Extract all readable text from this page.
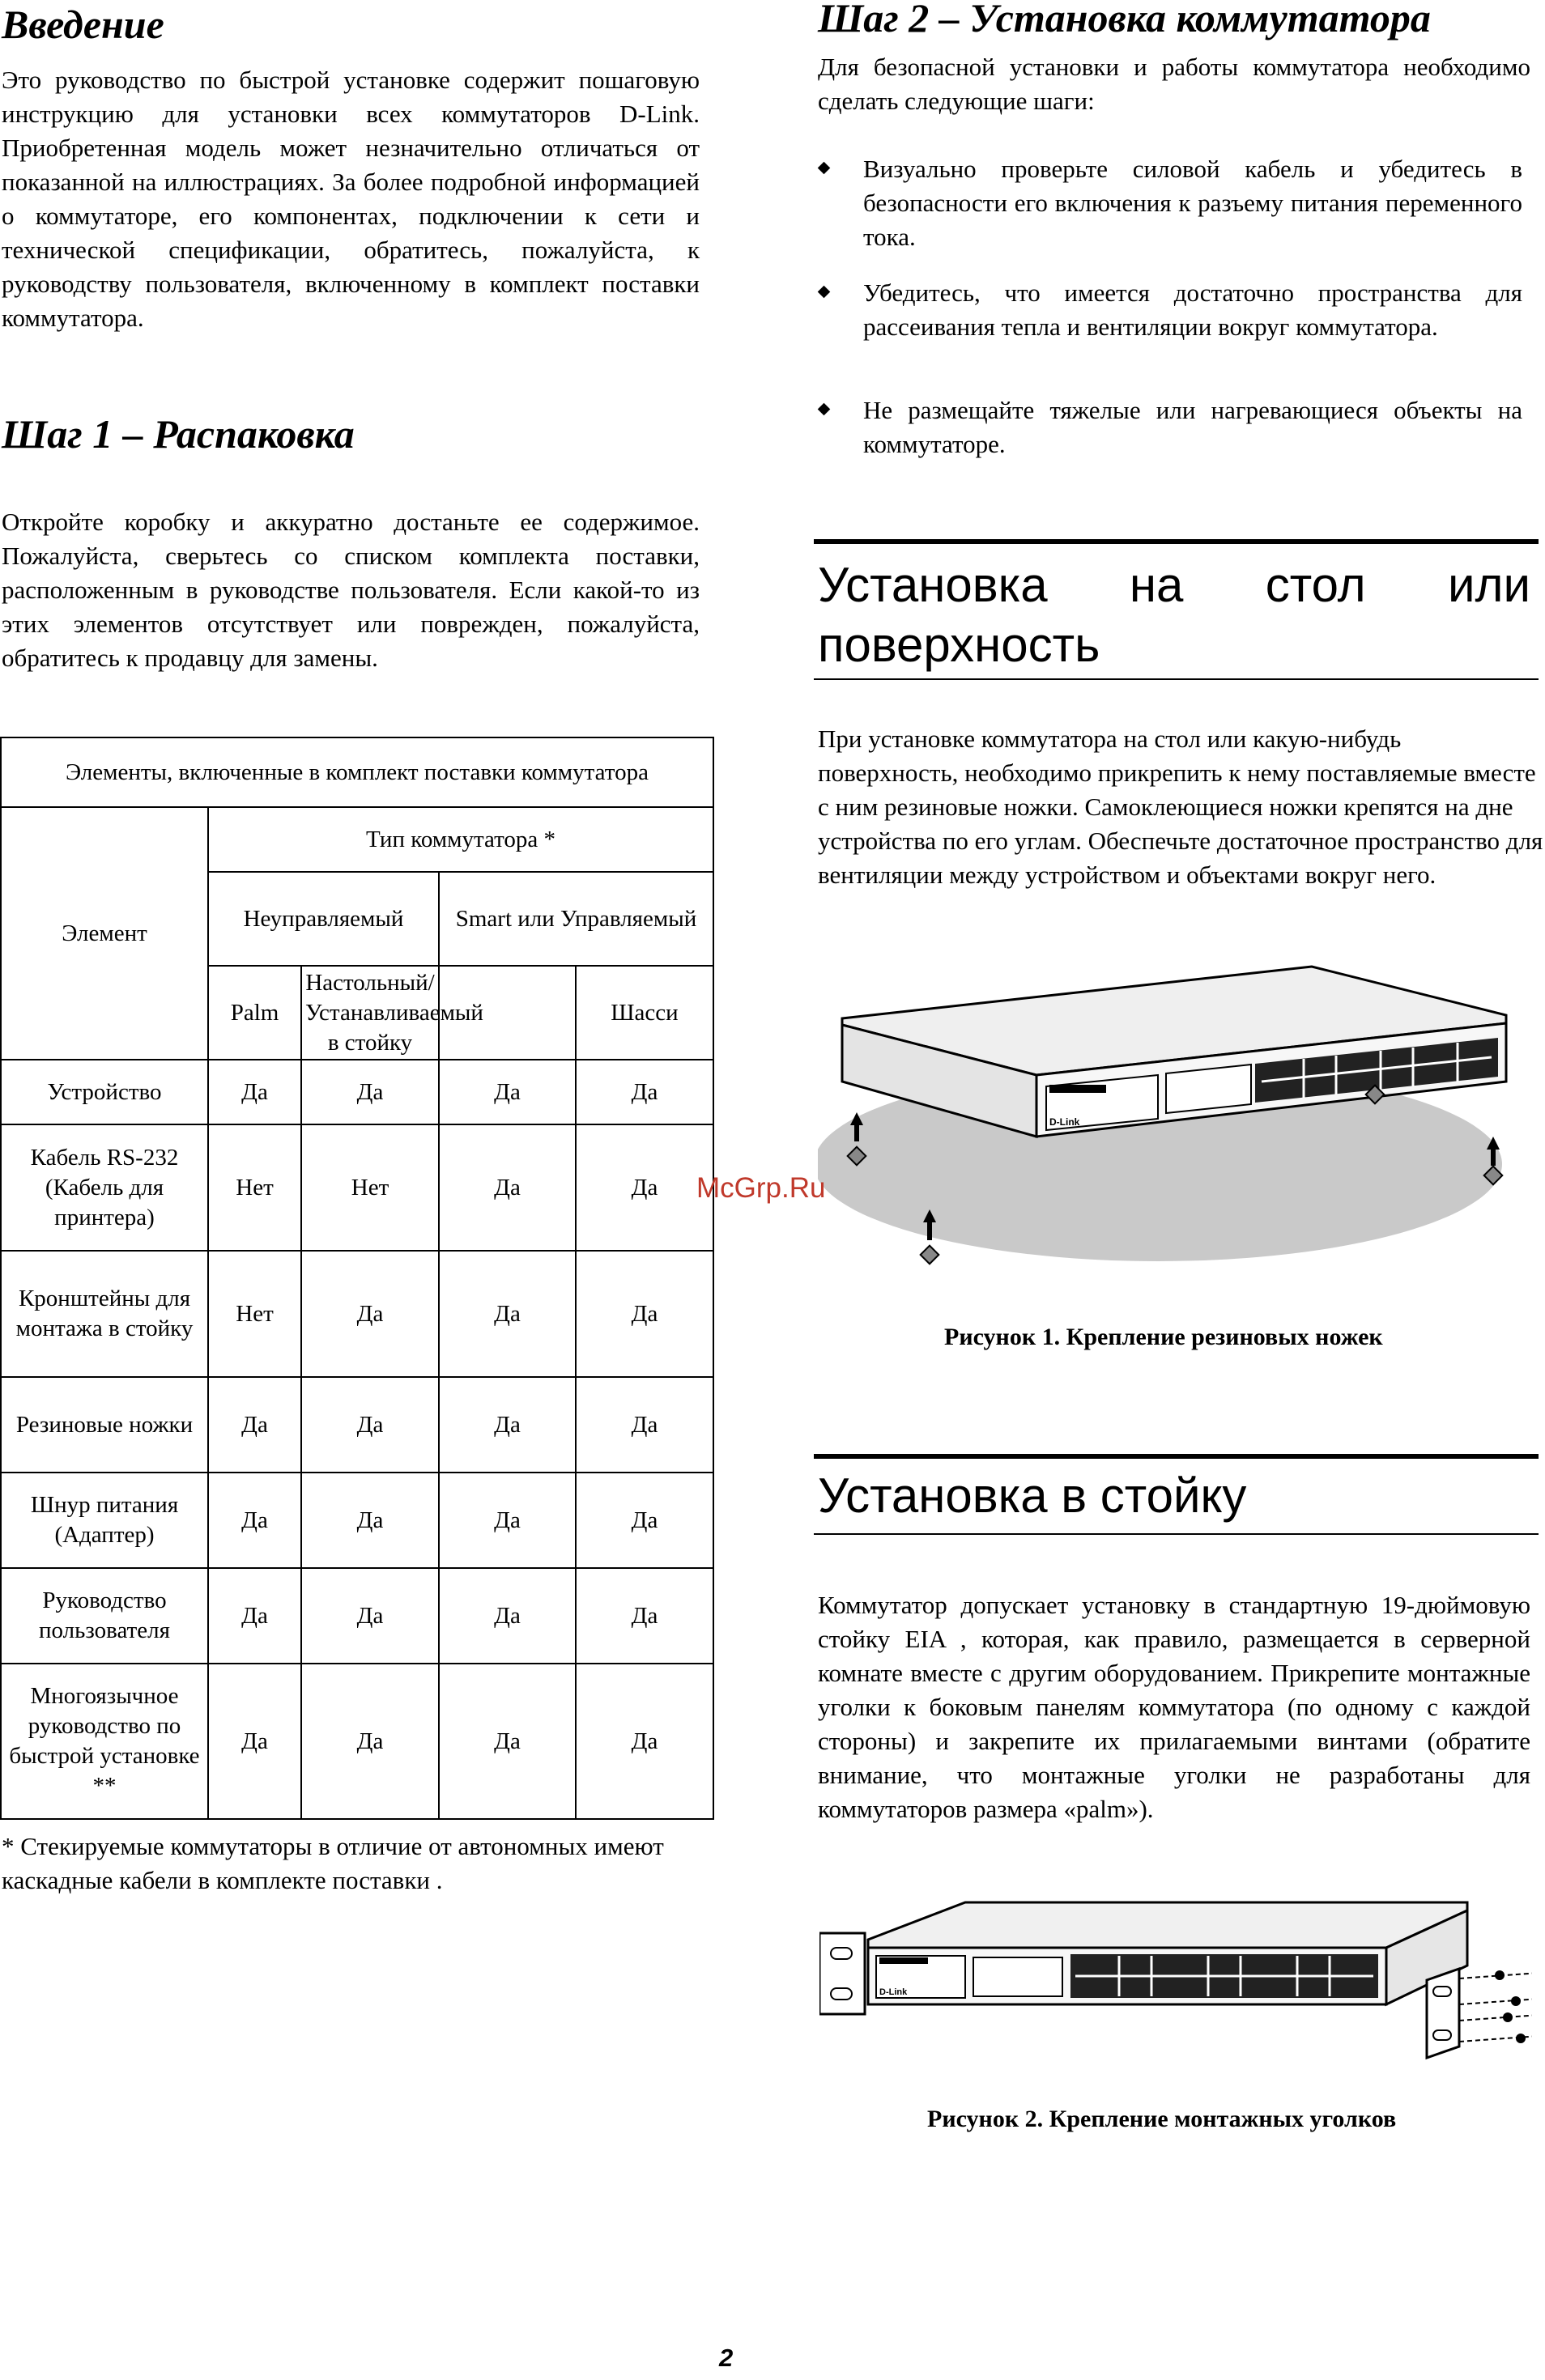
Введение
Это руководство по быстрой установке содержит пошаговую инструкцию для установки всех коммутаторов D-Link. Приобретенная модель может незначительно отличаться от показанной на иллюстрациях. За более подробной информацией о коммутаторе, его компонентах, подключении к сети и технической спецификации, обратитесь, пожалуйста, к руководству пользователя, включенному в комплект поставки коммутатора.
Шаг 1 – Распаковка
Откройте коробку и аккуратно достаньте ее содержимое. Пожалуйста, сверьтесь со списком комплекта поставки, расположенным в руководстве пользователя. Если какой-то из этих элементов отсутствует или поврежден, пожалуйста, обратитесь к продавцу для замены.
Элементы, включенные в комплект поставки коммутатора				
Элемент	Тип коммутатора *			
	Неуправляемый		Smart или Управляемый	
	Palm	Настольный/ Устанавливаемый в стойку		Шасси
Устройство	Да	Да	Да	Да
Кабель RS-232 (Кабель для принтера)	Нет	Нет	Да	Да
Кронштейны для монтажа в стойку	Нет	Да	Да	Да
Резиновые ножки	Да	Да	Да	Да
Шнур питания (Адаптер)	Да	Да	Да	Да
Руководство пользователя	Да	Да	Да	Да
Многоязычное руководство по быстрой установке **	Да	Да	Да	Да
* Стекируемые коммутаторы в отличие от автономных имеют каскадные кабели в комплекте поставки .
Шаг 2 – Установка коммутатора
Для безопасной установки и работы коммутатора необходимо сделать следующие шаги:
Визуально проверьте силовой кабель и убедитесь в безопасности его включения к разъему питания переменного тока.
Убедитесь, что имеется достаточно пространства для рассеивания тепла и вентиляции вокруг коммутатора.
Не размещайте тяжелые или нагревающиеся объекты на коммутаторе.
Установка на стол или поверхность
При установке коммутатора на стол или какую-нибудь поверхность, необходимо прикрепить к нему поставляемые вместе с ним резиновые ножки. Самоклеющиеся ножки крепятся на дне устройства по его углам. Обеспечьте достаточное пространство для вентиляции между устройством и объектами вокруг него.
D-Link
Рисунок 1. Крепление резиновых ножек
Установка в стойку
Коммутатор допускает установку в стандартную 19-дюймовую стойку EIA , которая, как правило, размещается в серверной комнате вместе с другим оборудованием. Прикрепите монтажные уголки к боковым панелям коммутатора (по одному с каждой стороны) и закрепите их прилагаемыми винтами (обратите внимание, что монтажные уголки не разработаны для коммутаторов размера «palm»).
D-Link
Рисунок 2. Крепление монтажных уголков
McGrp.Ru
2
